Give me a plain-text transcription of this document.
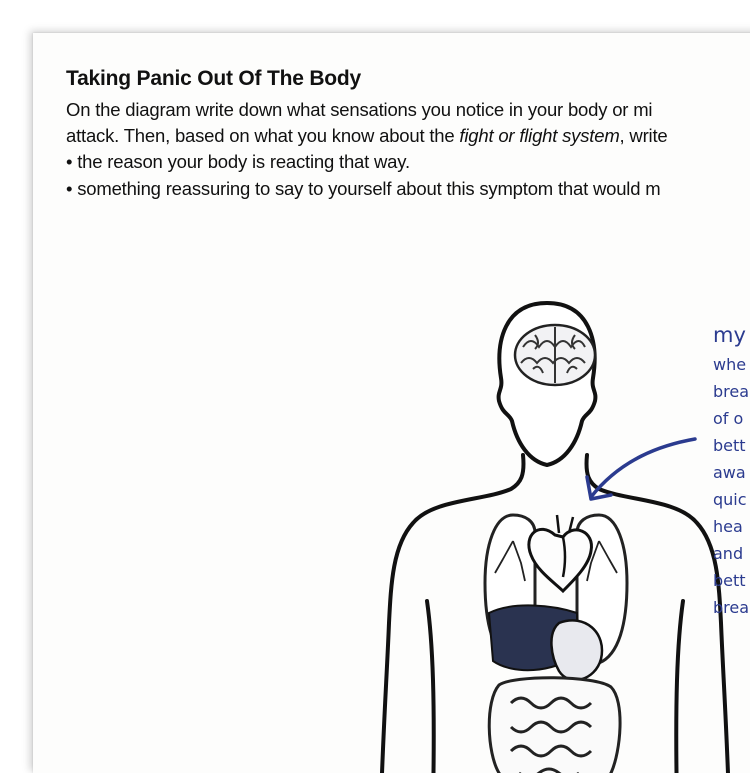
Taking Panic Out Of The Body

On the diagram write down what sensations you notice in your body or mi

attack. Then, based on what you know about the fight or flight system, write

• the reason your body is reacting that way.

• something reassuring to say to yourself about this symptom that would m

my

whe

brea

of o

bett

awa

quic

hea

and

bett

brea
